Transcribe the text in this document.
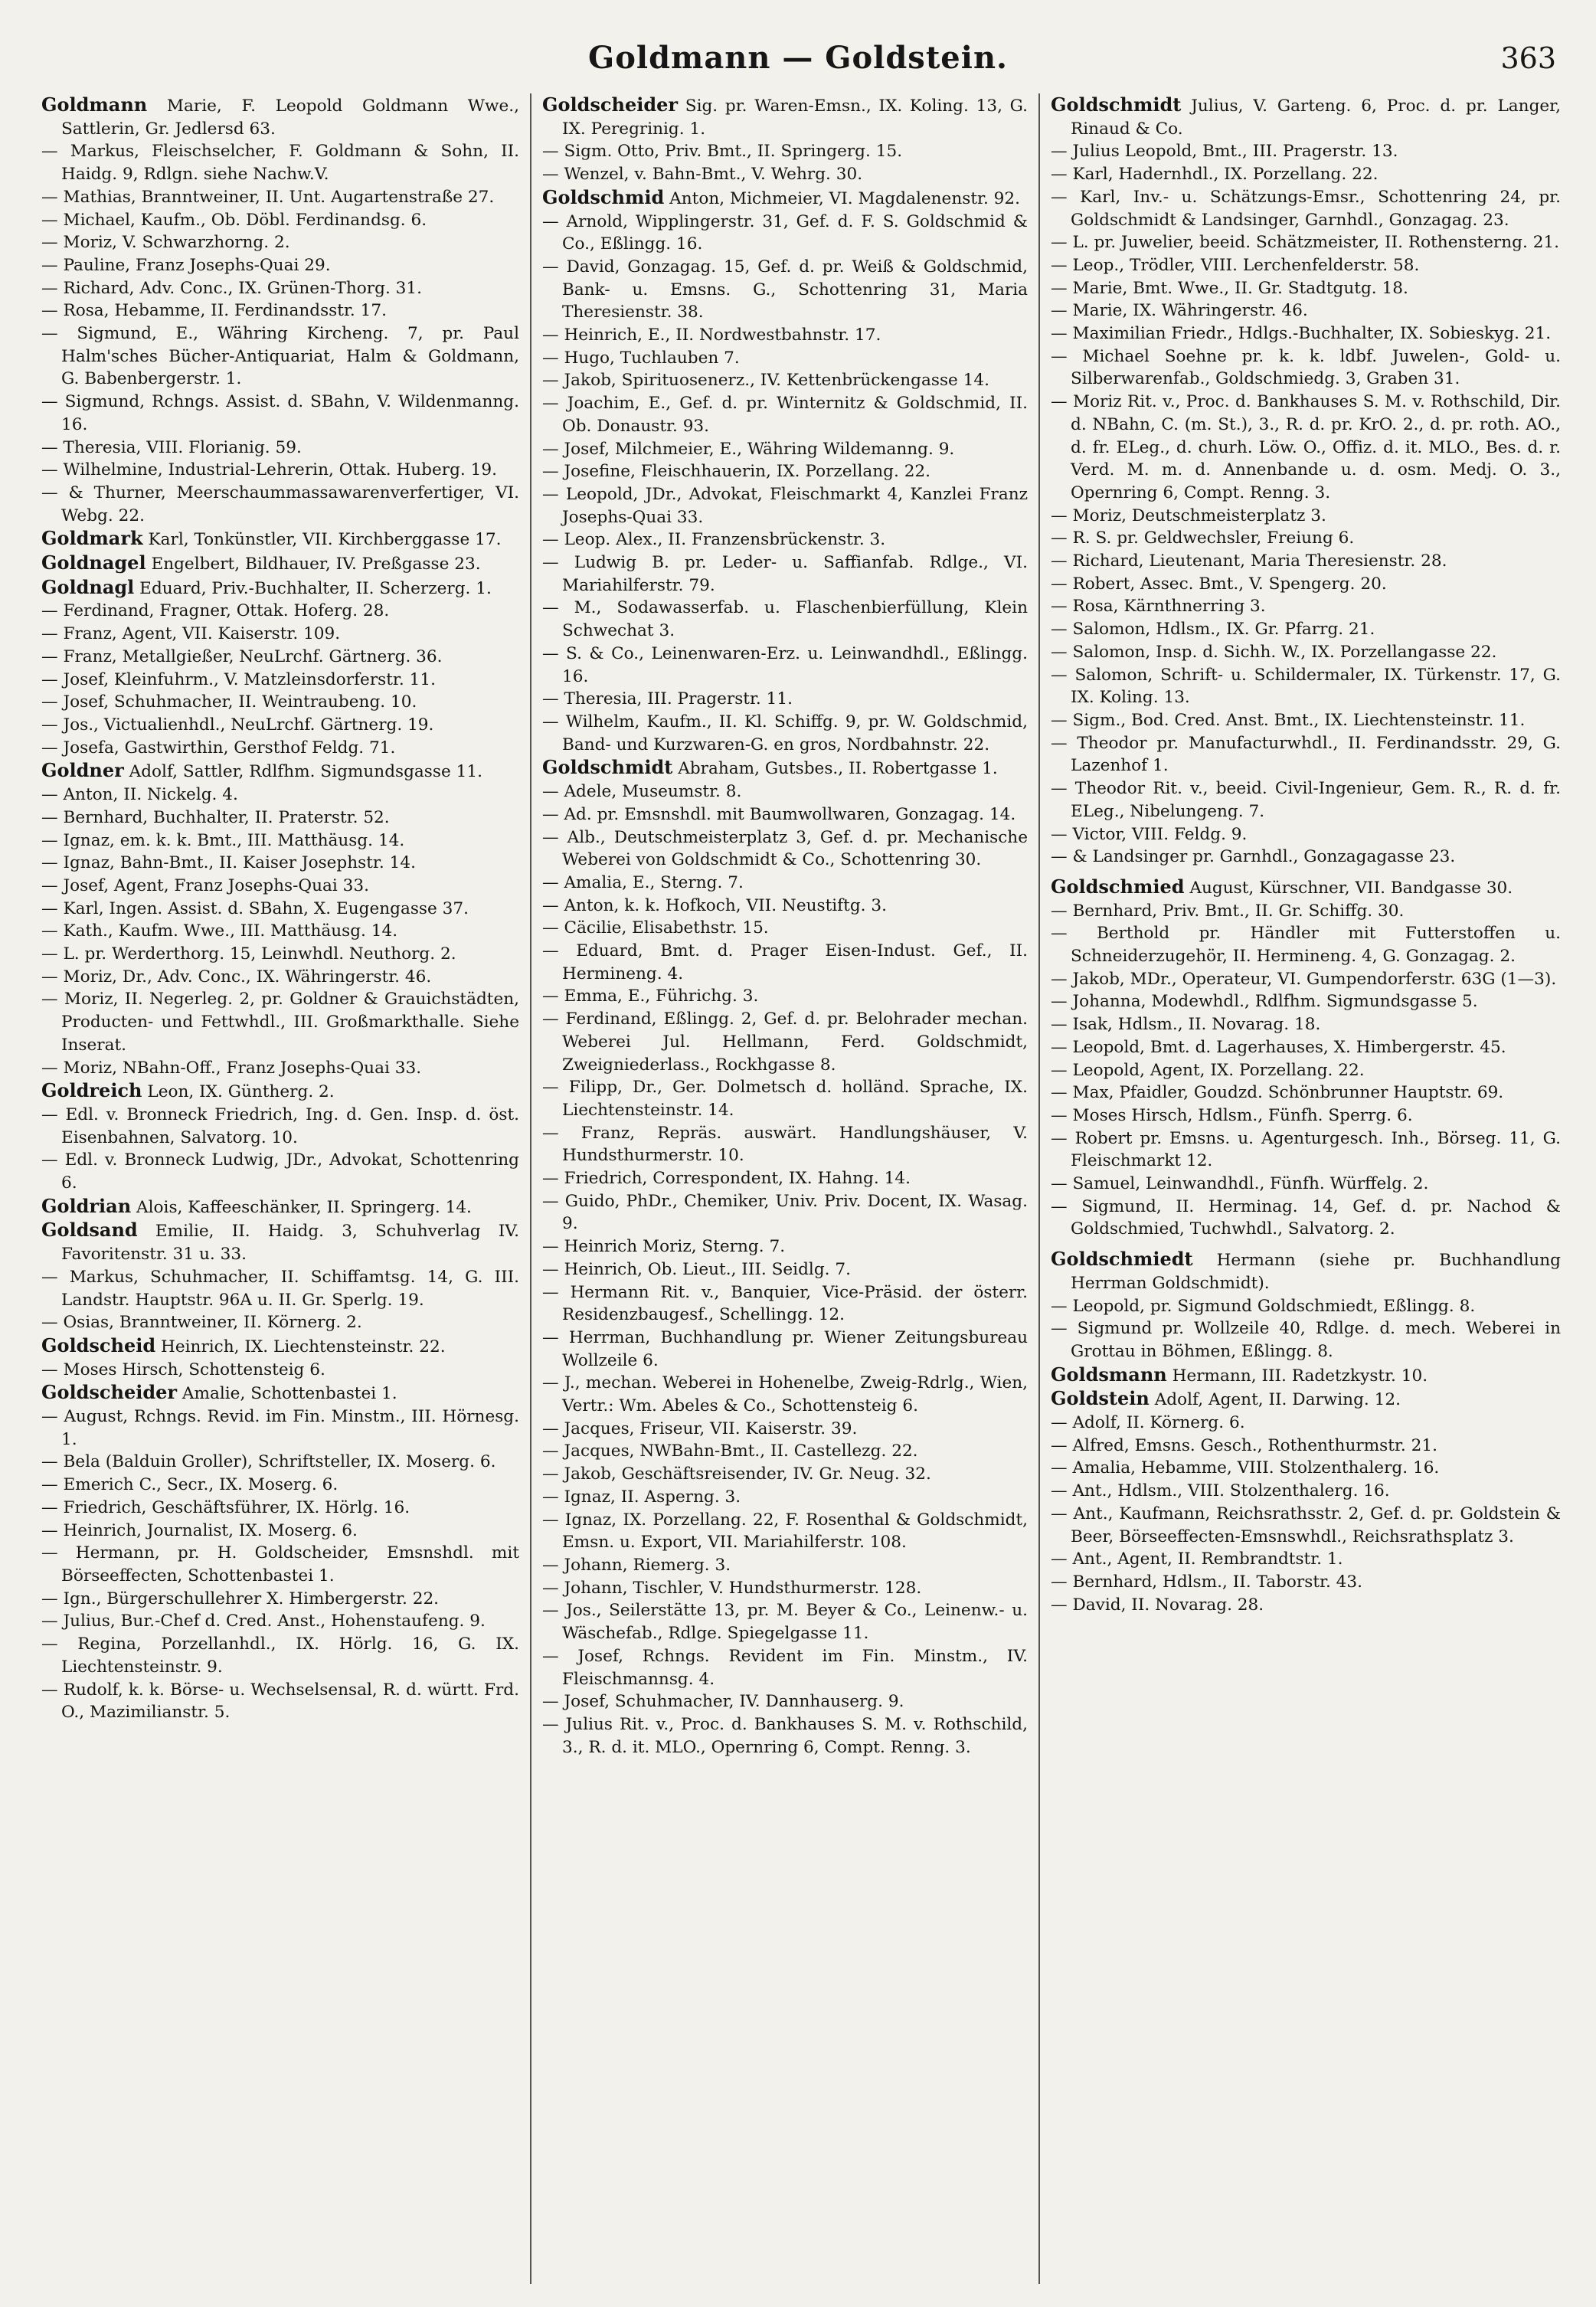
Goldmann — Goldstein.	363

Goldmann Marie, F. Leopold Goldmann Wwe., Sattlerin, Gr. Jedlersd 63.

— Markus, Fleischselcher, F. Goldmann & Sohn, II. Haidg. 9, Rdlgn. siehe Nachw.V.

— Mathias, Branntweiner, II. Unt. Augartenstraße 27.

— Michael, Kaufm., Ob. Döbl. Ferdinandsg. 6.

— Moriz, V. Schwarzhorng. 2.

— Pauline, Franz Josephs-Quai 29.

— Richard, Adv. Conc., IX. Grünen-Thorg. 31.

— Rosa, Hebamme, II. Ferdinandsstr. 17.

— Sigmund, E., Währing Kircheng. 7, pr. Paul Halm'sches Bücher-Antiquariat, Halm & Goldmann, G. Babenbergerstr. 1.

— Sigmund, Rchngs. Assist. d. SBahn, V. Wildenmanng. 16.

— Theresia, VIII. Florianig. 59.

— Wilhelmine, Industrial-Lehrerin, Ottak. Huberg. 19.

— & Thurner, Meerschaummassawarenverfertiger, VI. Webg. 22.

Goldmark Karl, Tonkünstler, VII. Kirchberggasse 17.

Goldnagel Engelbert, Bildhauer, IV. Preßgasse 23.

Goldnagl Eduard, Priv.-Buchhalter, II. Scherzerg. 1.

— Ferdinand, Fragner, Ottak. Hoferg. 28.

— Franz, Agent, VII. Kaiserstr. 109.

— Franz, Metallgießer, NeuLrchf. Gärtnerg. 36.

— Josef, Kleinfuhrm., V. Matzleinsdorferstr. 11.

— Josef, Schuhmacher, II. Weintraubeng. 10.

— Jos., Victualienhdl., NeuLrchf. Gärtnerg. 19.

— Josefa, Gastwirthin, Gersthof Feldg. 71.

Goldner Adolf, Sattler, Rdlfhm. Sigmundsgasse 11.

— Anton, II. Nickelg. 4.

— Bernhard, Buchhalter, II. Praterstr. 52.

— Ignaz, em. k. k. Bmt., III. Matthäusg. 14.

— Ignaz, Bahn-Bmt., II. Kaiser Josephstr. 14.

— Josef, Agent, Franz Josephs-Quai 33.

— Karl, Ingen. Assist. d. SBahn, X. Eugengasse 37.

— Kath., Kaufm. Wwe., III. Matthäusg. 14.

— L. pr. Werderthorg. 15, Leinwhdl. Neuthorg. 2.

— Moriz, Dr., Adv. Conc., IX. Währingerstr. 46.

— Moriz, II. Negerleg. 2, pr. Goldner & Grauichstädten, Producten- und Fettwhdl., III. Großmarkthalle. Siehe Inserat.

— Moriz, NBahn-Off., Franz Josephs-Quai 33.

Goldreich Leon, IX. Güntherg. 2.

— Edl. v. Bronneck Friedrich, Ing. d. Gen. Insp. d. öst. Eisenbahnen, Salvatorg. 10.

— Edl. v. Bronneck Ludwig, JDr., Advokat, Schottenring 6.

Goldrian Alois, Kaffeeschänker, II. Springerg. 14.

Goldsand Emilie, II. Haidg. 3, Schuhverlag IV. Favoritenstr. 31 u. 33.

— Markus, Schuhmacher, II. Schiffamtsg. 14, G. III. Landstr. Hauptstr. 96A u. II. Gr. Sperlg. 19.

— Osias, Branntweiner, II. Körnerg. 2.

Goldscheid Heinrich, IX. Liechtensteinstr. 22.

— Moses Hirsch, Schottensteig 6.

Goldscheider Amalie, Schottenbastei 1.

— August, Rchngs. Revid. im Fin. Minstm., III. Hörnesg. 1.

— Bela (Balduin Groller), Schriftsteller, IX. Moserg. 6.

— Emerich C., Secr., IX. Moserg. 6.

— Friedrich, Geschäftsführer, IX. Hörlg. 16.

— Heinrich, Journalist, IX. Moserg. 6.

— Hermann, pr. H. Goldscheider, Emsnshdl. mit Börseeffecten, Schottenbastei 1.

— Ign., Bürgerschullehrer X. Himbergerstr. 22.

— Julius, Bur.-Chef d. Cred. Anst., Hohenstaufeng. 9.

— Regina, Porzellanhdl., IX. Hörlg. 16, G. IX. Liechtensteinstr. 9.

— Rudolf, k. k. Börse- u. Wechselsensal, R. d. württ. Frd. O., Mazimilianstr. 5.

Goldscheider Sig. pr. Waren-Emsn., IX. Koling. 13, G. IX. Peregrinig. 1.

— Sigm. Otto, Priv. Bmt., II. Springerg. 15.

— Wenzel, v. Bahn-Bmt., V. Wehrg. 30.

Goldschmid Anton, Michmeier, VI. Magdalenenstr. 92.

— Arnold, Wipplingerstr. 31, Gef. d. F. S. Goldschmid & Co., Eßlingg. 16.

— David, Gonzagag. 15, Gef. d. pr. Weiß & Goldschmid, Bank- u. Emsns. G., Schottenring 31, Maria Theresienstr. 38.

— Heinrich, E., II. Nordwestbahnstr. 17.

— Hugo, Tuchlauben 7.

— Jakob, Spirituosenerz., IV. Kettenbrückengasse 14.

— Joachim, E., Gef. d. pr. Winternitz & Goldschmid, II. Ob. Donaustr. 93.

— Josef, Milchmeier, E., Währing Wildemanng. 9.

— Josefine, Fleischhauerin, IX. Porzellang. 22.

— Leopold, JDr., Advokat, Fleischmarkt 4, Kanzlei Franz Josephs-Quai 33.

— Leop. Alex., II. Franzensbrückenstr. 3.

— Ludwig B. pr. Leder- u. Saffianfab. Rdlge., VI. Mariahilferstr. 79.

— M., Sodawasserfab. u. Flaschenbierfüllung, Klein Schwechat 3.

— S. & Co., Leinenwaren-Erz. u. Leinwandhdl., Eßlingg. 16.

— Theresia, III. Pragerstr. 11.

— Wilhelm, Kaufm., II. Kl. Schiffg. 9, pr. W. Goldschmid, Band- und Kurzwaren-G. en gros, Nordbahnstr. 22.

Goldschmidt Abraham, Gutsbes., II. Robertgasse 1.

— Adele, Museumstr. 8.

— Ad. pr. Emsnshdl. mit Baumwollwaren, Gonzagag. 14.

— Alb., Deutschmeisterplatz 3, Gef. d. pr. Mechanische Weberei von Goldschmidt & Co., Schottenring 30.

— Amalia, E., Sterng. 7.

— Anton, k. k. Hofkoch, VII. Neustiftg. 3.

— Cäcilie, Elisabethstr. 15.

— Eduard, Bmt. d. Prager Eisen-Indust. Gef., II. Hermineng. 4.

— Emma, E., Führichg. 3.

— Ferdinand, Eßlingg. 2, Gef. d. pr. Belohrader mechan. Weberei Jul. Hellmann, Ferd. Goldschmidt, Zweigniederlass., Rockhgasse 8.

— Filipp, Dr., Ger. Dolmetsch d. holländ. Sprache, IX. Liechtensteinstr. 14.

— Franz, Repräs. auswärt. Handlungshäuser, V. Hundsthurmerstr. 10.

— Friedrich, Correspondent, IX. Hahng. 14.

— Guido, PhDr., Chemiker, Univ. Priv. Docent, IX. Wasag. 9.

— Heinrich Moriz, Sterng. 7.

— Heinrich, Ob. Lieut., III. Seidlg. 7.

— Hermann Rit. v., Banquier, Vice-Präsid. der österr. Residenzbaugesf., Schellingg. 12.

— Herrman, Buchhandlung pr. Wiener Zeitungsbureau Wollzeile 6.

— J., mechan. Weberei in Hohenelbe, Zweig-Rdrlg., Wien, Vertr.: Wm. Abeles & Co., Schottensteig 6.

— Jacques, Friseur, VII. Kaiserstr. 39.

— Jacques, NWBahn-Bmt., II. Castellezg. 22.

— Jakob, Geschäftsreisender, IV. Gr. Neug. 32.

— Ignaz, II. Asperng. 3.

— Ignaz, IX. Porzellang. 22, F. Rosenthal & Goldschmidt, Emsn. u. Export, VII. Mariahilferstr. 108.

— Johann, Riemerg. 3.

— Johann, Tischler, V. Hundsthurmerstr. 128.

— Jos., Seilerstätte 13, pr. M. Beyer & Co., Leinenw.- u. Wäschefab., Rdlge. Spiegelgasse 11.

— Josef, Rchngs. Revident im Fin. Minstm., IV. Fleischmannsg. 4.

— Josef, Schuhmacher, IV. Dannhauserg. 9.

— Julius Rit. v., Proc. d. Bankhauses S. M. v. Rothschild, 3., R. d. it. MLO., Opernring 6, Compt. Renng. 3.

Goldschmidt Julius, V. Garteng. 6, Proc. d. pr. Langer, Rinaud & Co.

— Julius Leopold, Bmt., III. Pragerstr. 13.

— Karl, Hadernhdl., IX. Porzellang. 22.

— Karl, Inv.- u. Schätzungs-Emsr., Schottenring 24, pr. Goldschmidt & Landsinger, Garnhdl., Gonzagag. 23.

— L. pr. Juwelier, beeid. Schätzmeister, II. Rothensterng. 21.

— Leop., Trödler, VIII. Lerchenfelderstr. 58.

— Marie, Bmt. Wwe., II. Gr. Stadtgutg. 18.

— Marie, IX. Währingerstr. 46.

— Maximilian Friedr., Hdlgs.-Buchhalter, IX. Sobieskyg. 21.

— Michael Soehne pr. k. k. ldbf. Juwelen-, Gold- u. Silberwarenfab., Goldschmiedg. 3, Graben 31.

— Moriz Rit. v., Proc. d. Bankhauses S. M. v. Rothschild, Dir. d. NBahn, C. (m. St.), 3., R. d. pr. KrO. 2., d. pr. roth. AO., d. fr. ELeg., d. churh. Löw. O., Offiz. d. it. MLO., Bes. d. r. Verd. M. m. d. Annenbande u. d. osm. Medj. O. 3., Opernring 6, Compt. Renng. 3.

— Moriz, Deutschmeisterplatz 3.

— R. S. pr. Geldwechsler, Freiung 6.

— Richard, Lieutenant, Maria Theresienstr. 28.

— Robert, Assec. Bmt., V. Spengerg. 20.

— Rosa, Kärnthnerring 3.

— Salomon, Hdlsm., IX. Gr. Pfarrg. 21.

— Salomon, Insp. d. Sichh. W., IX. Porzellangasse 22.

— Salomon, Schrift- u. Schildermaler, IX. Türkenstr. 17, G. IX. Koling. 13.

— Sigm., Bod. Cred. Anst. Bmt., IX. Liechtensteinstr. 11.

— Theodor pr. Manufacturwhdl., II. Ferdinandsstr. 29, G. Lazenhof 1.

— Theodor Rit. v., beeid. Civil-Ingenieur, Gem. R., R. d. fr. ELeg., Nibelungeng. 7.

— Victor, VIII. Feldg. 9.

— & Landsinger pr. Garnhdl., Gonzagagasse 23.

Goldschmied August, Kürschner, VII. Bandgasse 30.

— Bernhard, Priv. Bmt., II. Gr. Schiffg. 30.

— Berthold pr. Händler mit Futterstoffen u. Schneiderzugehör, II. Hermineng. 4, G. Gonzagag. 2.

— Jakob, MDr., Operateur, VI. Gumpendorferstr. 63G (1—3).

— Johanna, Modewhdl., Rdlfhm. Sigmundsgasse 5.

— Isak, Hdlsm., II. Novarag. 18.

— Leopold, Bmt. d. Lagerhauses, X. Himbergerstr. 45.

— Leopold, Agent, IX. Porzellang. 22.

— Max, Pfaidler, Goudzd. Schönbrunner Hauptstr. 69.

— Moses Hirsch, Hdlsm., Fünfh. Sperrg. 6.

— Robert pr. Emsns. u. Agenturgesch. Inh., Börseg. 11, G. Fleischmarkt 12.

— Samuel, Leinwandhdl., Fünfh. Würffelg. 2.

— Sigmund, II. Herminag. 14, Gef. d. pr. Nachod & Goldschmied, Tuchwhdl., Salvatorg. 2.

Goldschmiedt Hermann (siehe pr. Buchhandlung Herrman Goldschmidt).

— Leopold, pr. Sigmund Goldschmiedt, Eßlingg. 8.

— Sigmund pr. Wollzeile 40, Rdlge. d. mech. Weberei in Grottau in Böhmen, Eßlingg. 8.

Goldsmann Hermann, III. Radetzkystr. 10.

Goldstein Adolf, Agent, II. Darwing. 12.

— Adolf, II. Körnerg. 6.

— Alfred, Emsns. Gesch., Rothenthurmstr. 21.

— Amalia, Hebamme, VIII. Stolzenthalerg. 16.

— Ant., Hdlsm., VIII. Stolzenthalerg. 16.

— Ant., Kaufmann, Reichsrathsstr. 2, Gef. d. pr. Goldstein & Beer, Börseeffecten-Emsnswhdl., Reichsrathsplatz 3.

— Ant., Agent, II. Rembrandtstr. 1.

— Bernhard, Hdlsm., II. Taborstr. 43.

— David, II. Novarag. 28.
